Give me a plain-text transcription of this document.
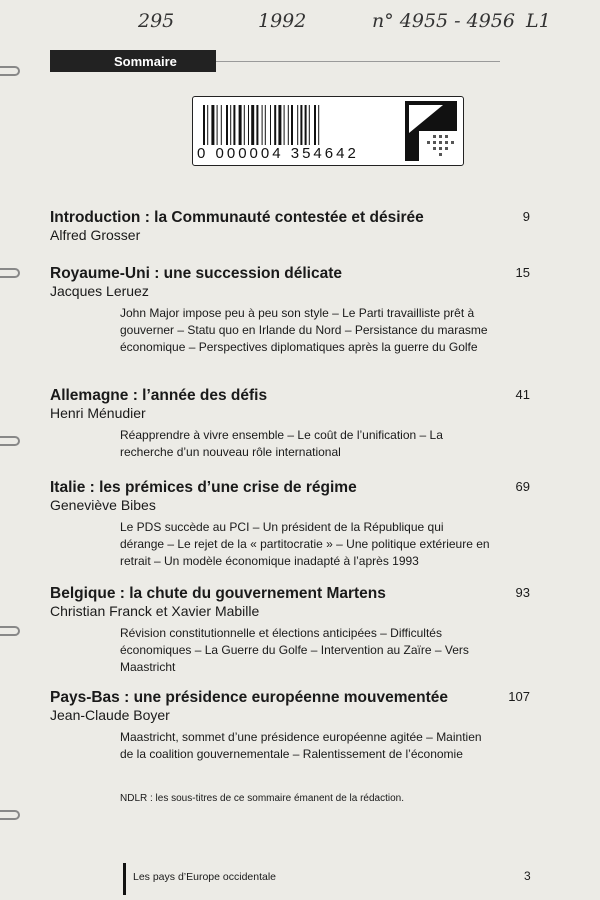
295	1992	n° 4955 - 4956 L1
Sommaire
0 000004 354642
Introduction : la Communauté contestée et désirée	9
Alfred Grosser
Royaume-Uni : une succession délicate	15
Jacques Leruez
John Major impose peu à peu son style – Le Parti travailliste prêt à gouverner – Statu quo en Irlande du Nord – Persistance du marasme économique – Perspectives diplomatiques après la guerre du Golfe
Allemagne : l’année des défis	41
Henri Ménudier
Réapprendre à vivre ensemble – Le coût de l’unification – La recherche d’un nouveau rôle international
Italie : les prémices d’une crise de régime	69
Geneviève Bibes
Le PDS succède au PCI – Un président de la République qui dérange – Le rejet de la « partitocratie » – Une politique extérieure en retrait – Un modèle économique inadapté à l’après 1993
Belgique : la chute du gouvernement Martens	93
Christian Franck et Xavier Mabille
Révision constitutionnelle et élections anticipées – Difficultés économiques – La Guerre du Golfe – Intervention au Zaïre – Vers Maastricht
Pays-Bas : une présidence européenne mouvementée	107
Jean-Claude Boyer
Maastricht, sommet d’une présidence européenne agitée – Maintien de la coalition gouvernementale – Ralentissement de l’économie
NDLR : les sous-titres de ce sommaire émanent de la rédaction.
Les pays d’Europe occidentale	3
